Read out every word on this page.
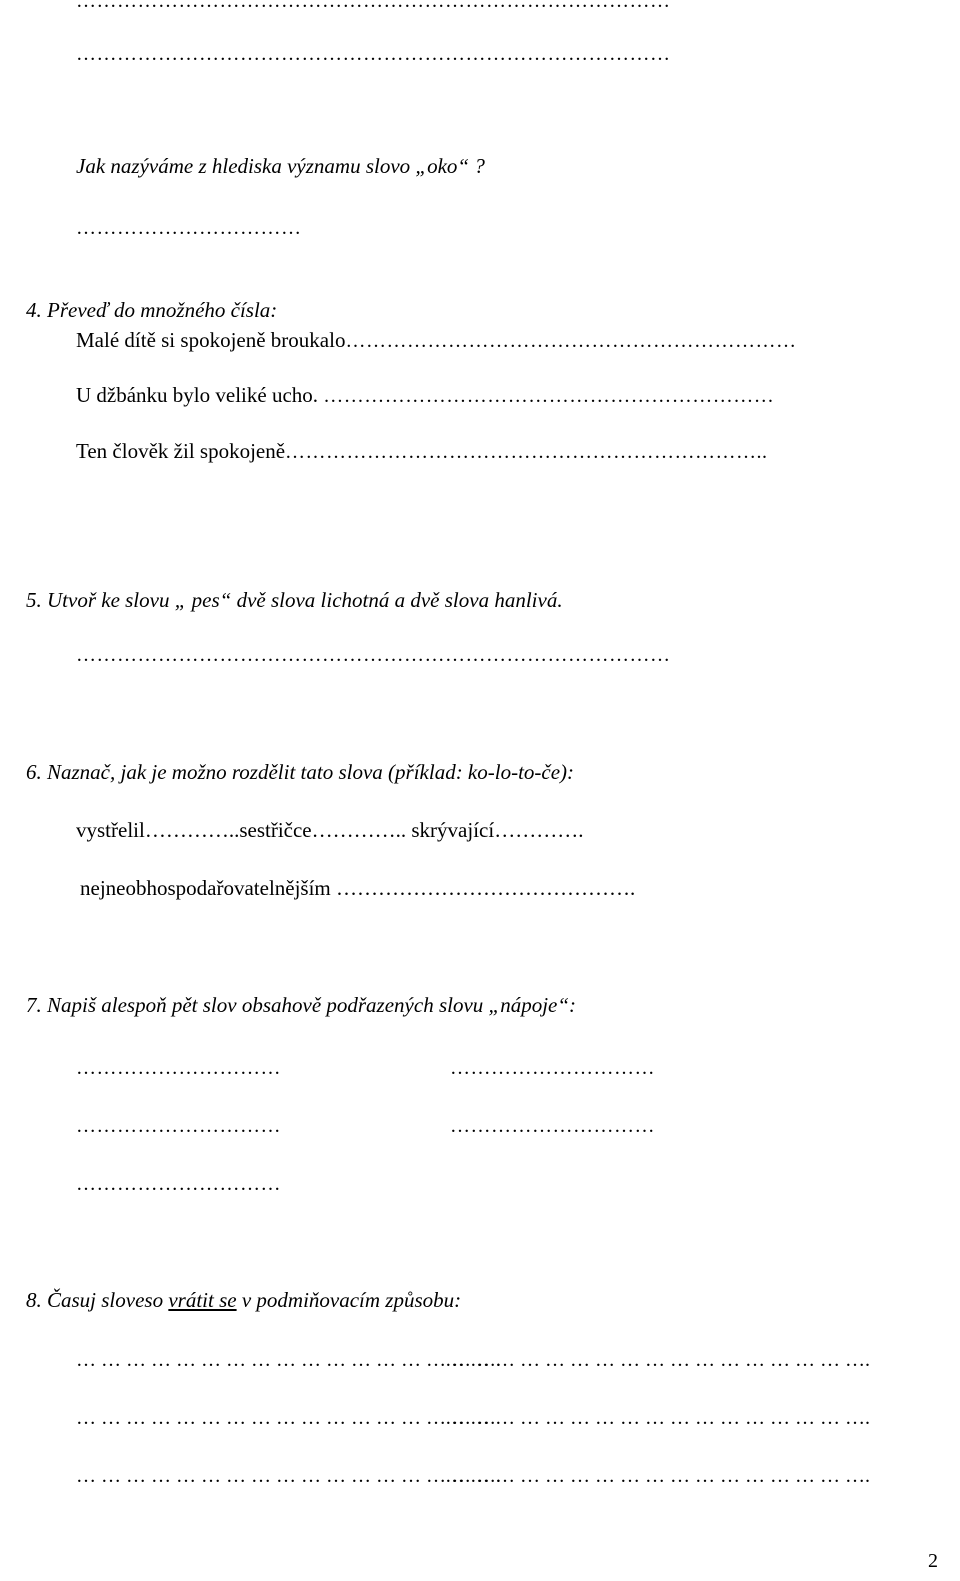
……………………………………………………………………………
……………………………………………………………………………
Jak nazýváme z hlediska významu slovo „oko“ ?
……………………………
4. Převeď do množného čísla:
Malé dítě si spokojeně broukalo…………………………………………………………
U džbánku bylo veliké ucho. …………………………………………………………
Ten člověk žil spokojeně……………………………………………………………..
5. Utvoř ke slovu „ pes“ dvě slova lichotná a dvě slova hanlivá.
……………………………………………………………………………
6. Naznač, jak je možno rozdělit tato slova (příklad: ko-lo-to-če):
vystřelil…………..sestřičce………….. skrývající………….
nejneobhospodařovatelnějším …………………………………….
7. Napiš alespoň pět slov obsahově podřazených slovu „nápoje“:
…………………………	…………………………
…………………………	…………………………
…………………………
8. Časuj sloveso vrátit se v podmiňovacím způsobu:
… … … … … … … … … … … … … … … … ….
… … … … … … … … … … … … … … … … ….
… … … … … … … … … … … … … … … … …
… … … … … … … … … … … … … … … … ….
… … … … … … … … … … … … … … … … ….
… … … … … … … … … … … … … … … … ….
2
